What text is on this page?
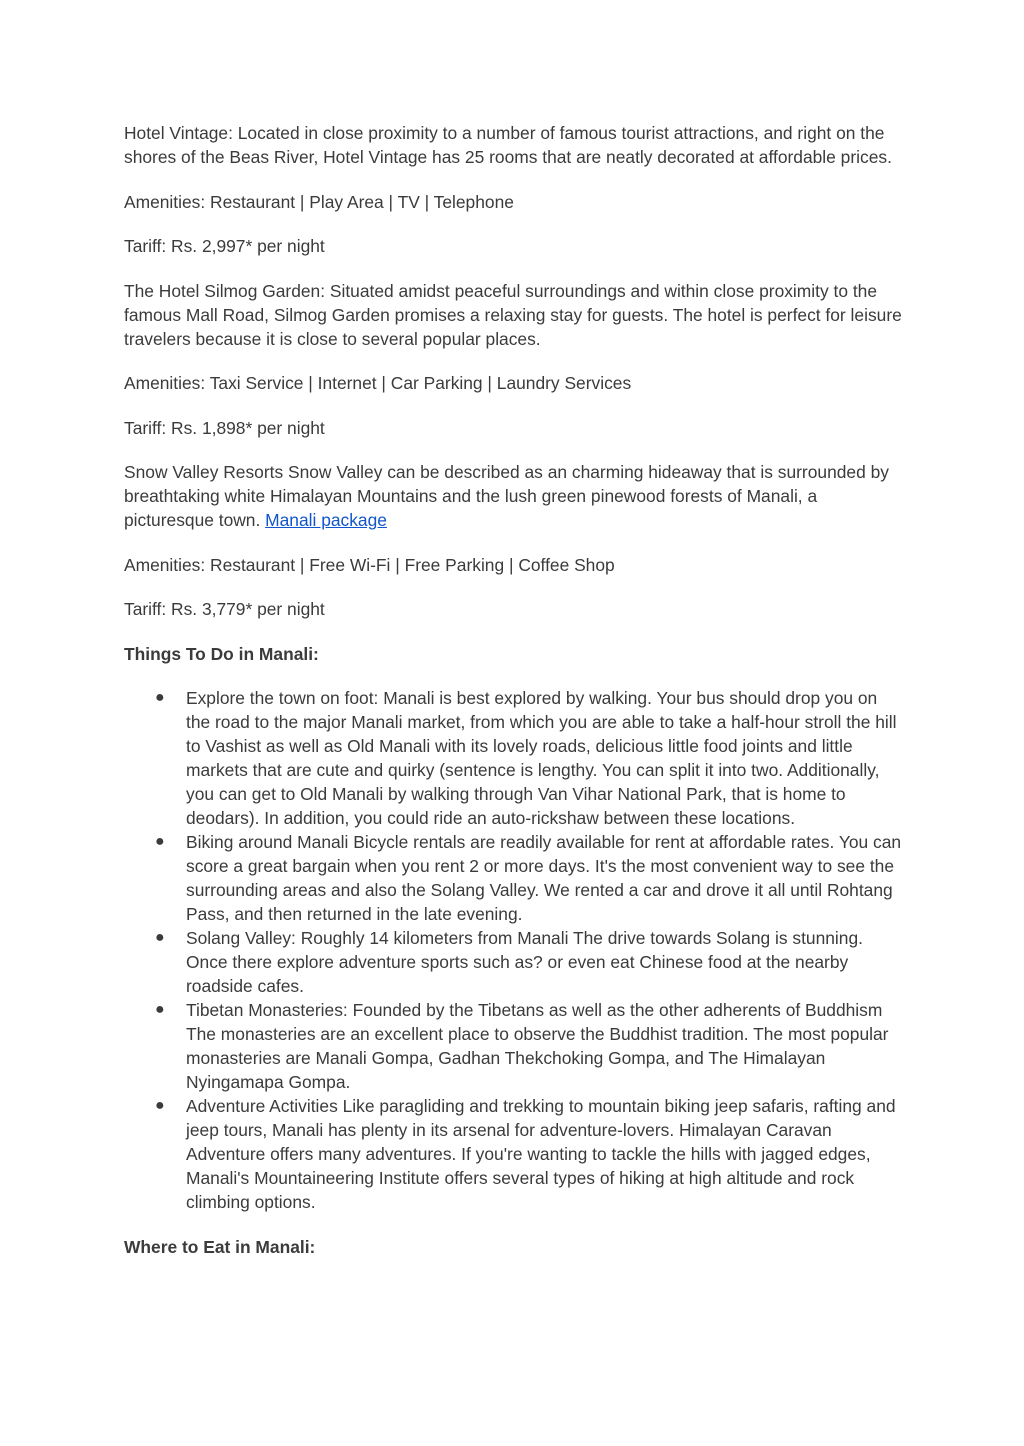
Hotel Vintage: Located in close proximity to a number of famous tourist attractions, and right on the shores of the Beas River, Hotel Vintage has 25 rooms that are neatly decorated at affordable prices.

Amenities: Restaurant | Play Area | TV | Telephone

Tariff: Rs. 2,997* per night

The Hotel Silmog Garden: Situated amidst peaceful surroundings and within close proximity to the famous Mall Road, Silmog Garden promises a relaxing stay for guests. The hotel is perfect for leisure travelers because it is close to several popular places.

Amenities: Taxi Service | Internet | Car Parking | Laundry Services

Tariff: Rs. 1,898* per night

Snow Valley Resorts Snow Valley can be described as an charming hideaway that is surrounded by breathtaking white Himalayan Mountains and the lush green pinewood forests of Manali, a picturesque town. Manali package

Amenities: Restaurant | Free Wi-Fi | Free Parking | Coffee Shop

Tariff: Rs. 3,779* per night

Things To Do in Manali:

● Explore the town on foot: Manali is best explored by walking. Your bus should drop you on the road to the major Manali market, from which you are able to take a half-hour stroll the hill to Vashist as well as Old Manali with its lovely roads, delicious little food joints and little markets that are cute and quirky (sentence is lengthy. You can split it into two. Additionally, you can get to Old Manali by walking through Van Vihar National Park, that is home to deodars). In addition, you could ride an auto-rickshaw between these locations.
● Biking around Manali Bicycle rentals are readily available for rent at affordable rates. You can score a great bargain when you rent 2 or more days. It's the most convenient way to see the surrounding areas and also the Solang Valley. We rented a car and drove it all until Rohtang Pass, and then returned in the late evening.
● Solang Valley: Roughly 14 kilometers from Manali The drive towards Solang is stunning. Once there explore adventure sports such as? or even eat Chinese food at the nearby roadside cafes.
● Tibetan Monasteries: Founded by the Tibetans as well as the other adherents of Buddhism The monasteries are an excellent place to observe the Buddhist tradition. The most popular monasteries are Manali Gompa, Gadhan Thekchoking Gompa, and The Himalayan Nyingamapa Gompa.
● Adventure Activities Like paragliding and trekking to mountain biking jeep safaris, rafting and jeep tours, Manali has plenty in its arsenal for adventure-lovers. Himalayan Caravan Adventure offers many adventures. If you're wanting to tackle the hills with jagged edges, Manali's Mountaineering Institute offers several types of hiking at high altitude and rock climbing options.

Where to Eat in Manali:
